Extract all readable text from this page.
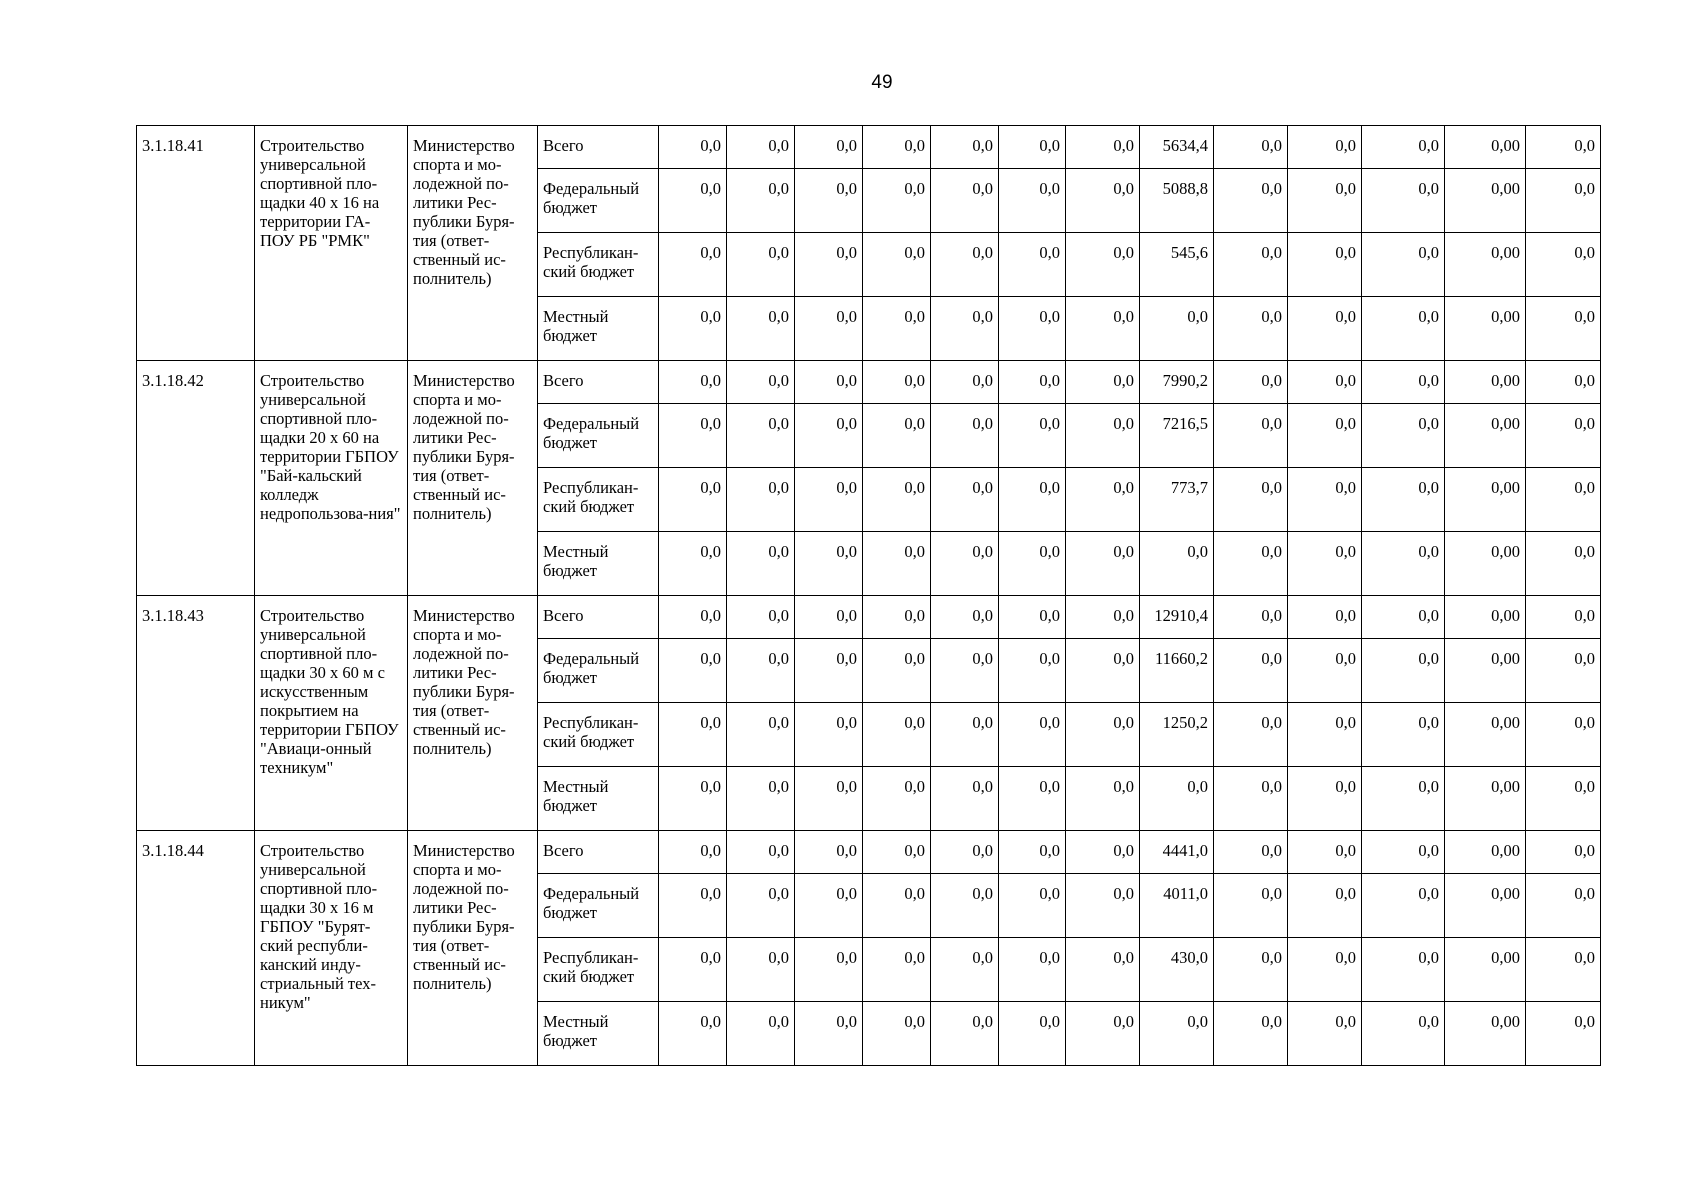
49
3.1.18.41	Строительство универсальной спортивной пло-щадки 40 х 16 на территории ГА-ПОУ РБ "РМК"	Министерство спорта и мо-лодежной по-литики Рес-публики Буря-тия (ответ-ственный ис-полнитель)	Всего	0,0	0,0	0,0	0,0	0,0	0,0	0,0	5634,4	0,0	0,0	0,0	0,00	0,0
			Федеральный бюджет	0,0	0,0	0,0	0,0	0,0	0,0	0,0	5088,8	0,0	0,0	0,0	0,00	0,0
			Республикан-ский бюджет	0,0	0,0	0,0	0,0	0,0	0,0	0,0	545,6	0,0	0,0	0,0	0,00	0,0
			Местный бюджет	0,0	0,0	0,0	0,0	0,0	0,0	0,0	0,0	0,0	0,0	0,0	0,00	0,0
3.1.18.42	Строительство универсальной спортивной пло-щадки 20 х 60 на территории ГБПОУ "Бай-кальский колледж недропользова-ния"	Министерство спорта и мо-лодежной по-литики Рес-публики Буря-тия (ответ-ственный ис-полнитель)	Всего	0,0	0,0	0,0	0,0	0,0	0,0	0,0	7990,2	0,0	0,0	0,0	0,00	0,0
			Федеральный бюджет	0,0	0,0	0,0	0,0	0,0	0,0	0,0	7216,5	0,0	0,0	0,0	0,00	0,0
			Республикан-ский бюджет	0,0	0,0	0,0	0,0	0,0	0,0	0,0	773,7	0,0	0,0	0,0	0,00	0,0
			Местный бюджет	0,0	0,0	0,0	0,0	0,0	0,0	0,0	0,0	0,0	0,0	0,0	0,00	0,0
3.1.18.43	Строительство универсальной спортивной пло-щадки 30 х 60 м с искусственным покрытием на территории ГБПОУ "Авиаци-онный техникум"	Министерство спорта и мо-лодежной по-литики Рес-публики Буря-тия (ответ-ственный ис-полнитель)	Всего	0,0	0,0	0,0	0,0	0,0	0,0	0,0	12910,4	0,0	0,0	0,0	0,00	0,0
			Федеральный бюджет	0,0	0,0	0,0	0,0	0,0	0,0	0,0	11660,2	0,0	0,0	0,0	0,00	0,0
			Республикан-ский бюджет	0,0	0,0	0,0	0,0	0,0	0,0	0,0	1250,2	0,0	0,0	0,0	0,00	0,0
			Местный бюджет	0,0	0,0	0,0	0,0	0,0	0,0	0,0	0,0	0,0	0,0	0,0	0,00	0,0
3.1.18.44	Строительство универсальной спортивной пло-щадки 30 х 16 м ГБПОУ "Бурят-ский республи-канский инду-стриальный тех-никум"	Министерство спорта и мо-лодежной по-литики Рес-публики Буря-тия (ответ-ственный ис-полнитель)	Всего	0,0	0,0	0,0	0,0	0,0	0,0	0,0	4441,0	0,0	0,0	0,0	0,00	0,0
			Федеральный бюджет	0,0	0,0	0,0	0,0	0,0	0,0	0,0	4011,0	0,0	0,0	0,0	0,00	0,0
			Республикан-ский бюджет	0,0	0,0	0,0	0,0	0,0	0,0	0,0	430,0	0,0	0,0	0,0	0,00	0,0
			Местный бюджет	0,0	0,0	0,0	0,0	0,0	0,0	0,0	0,0	0,0	0,0	0,0	0,00	0,0
